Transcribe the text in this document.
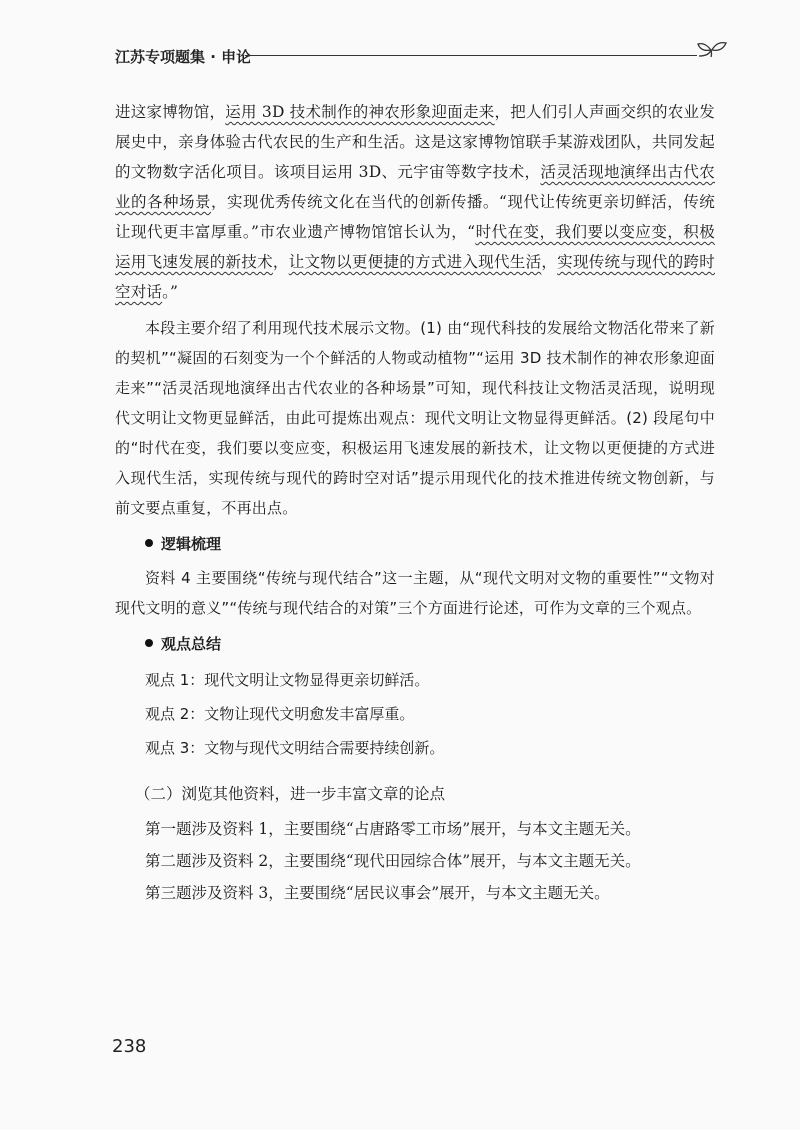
江苏专项题集 · 申论

进这家博物馆，运用 3D 技术制作的神农形象迎面走来，把人们引人声画交织的农业发展史中，亲身体验古代农民的生产和生活。这是这家博物馆联手某游戏团队，共同发起的文物数字活化项目。该项目运用 3D、元宇宙等数字技术，活灵活现地演绎出古代农业的各种场景，实现优秀传统文化在当代的创新传播。“现代让传统更亲切鲜活，传统让现代更丰富厚重。”市农业遗产博物馆馆长认为，“时代在变，我们要以变应变，积极运用飞速发展的新技术，让文物以更便捷的方式进入现代生活，实现传统与现代的跨时空对话。”

本段主要介绍了利用现代技术展示文物。(1) 由“现代科技的发展给文物活化带来了新的契机”“凝固的石刻变为一个个鲜活的人物或动植物”“运用 3D 技术制作的神农形象迎面走来”“活灵活现地演绎出古代农业的各种场景”可知，现代科技让文物活灵活现，说明现代文明让文物更显鲜活，由此可提炼出观点：现代文明让文物显得更鲜活。(2) 段尾句中的“时代在变，我们要以变应变，积极运用飞速发展的新技术，让文物以更便捷的方式进入现代生活，实现传统与现代的跨时空对话”提示用现代化的技术推进传统文物创新，与前文要点重复，不再出点。

逻辑梳理

资料 4 主要围绕“传统与现代结合”这一主题，从“现代文明对文物的重要性”“文物对现代文明的意义”“传统与现代结合的对策”三个方面进行论述，可作为文章的三个观点。

观点总结

观点 1：现代文明让文物显得更亲切鲜活。

观点 2：文物让现代文明愈发丰富厚重。

观点 3：文物与现代文明结合需要持续创新。

（二）浏览其他资料，进一步丰富文章的论点

第一题涉及资料 1，主要围绕“占唐路零工市场”展开，与本文主题无关。

第二题涉及资料 2，主要围绕“现代田园综合体”展开，与本文主题无关。

第三题涉及资料 3，主要围绕“居民议事会”展开，与本文主题无关。

238
